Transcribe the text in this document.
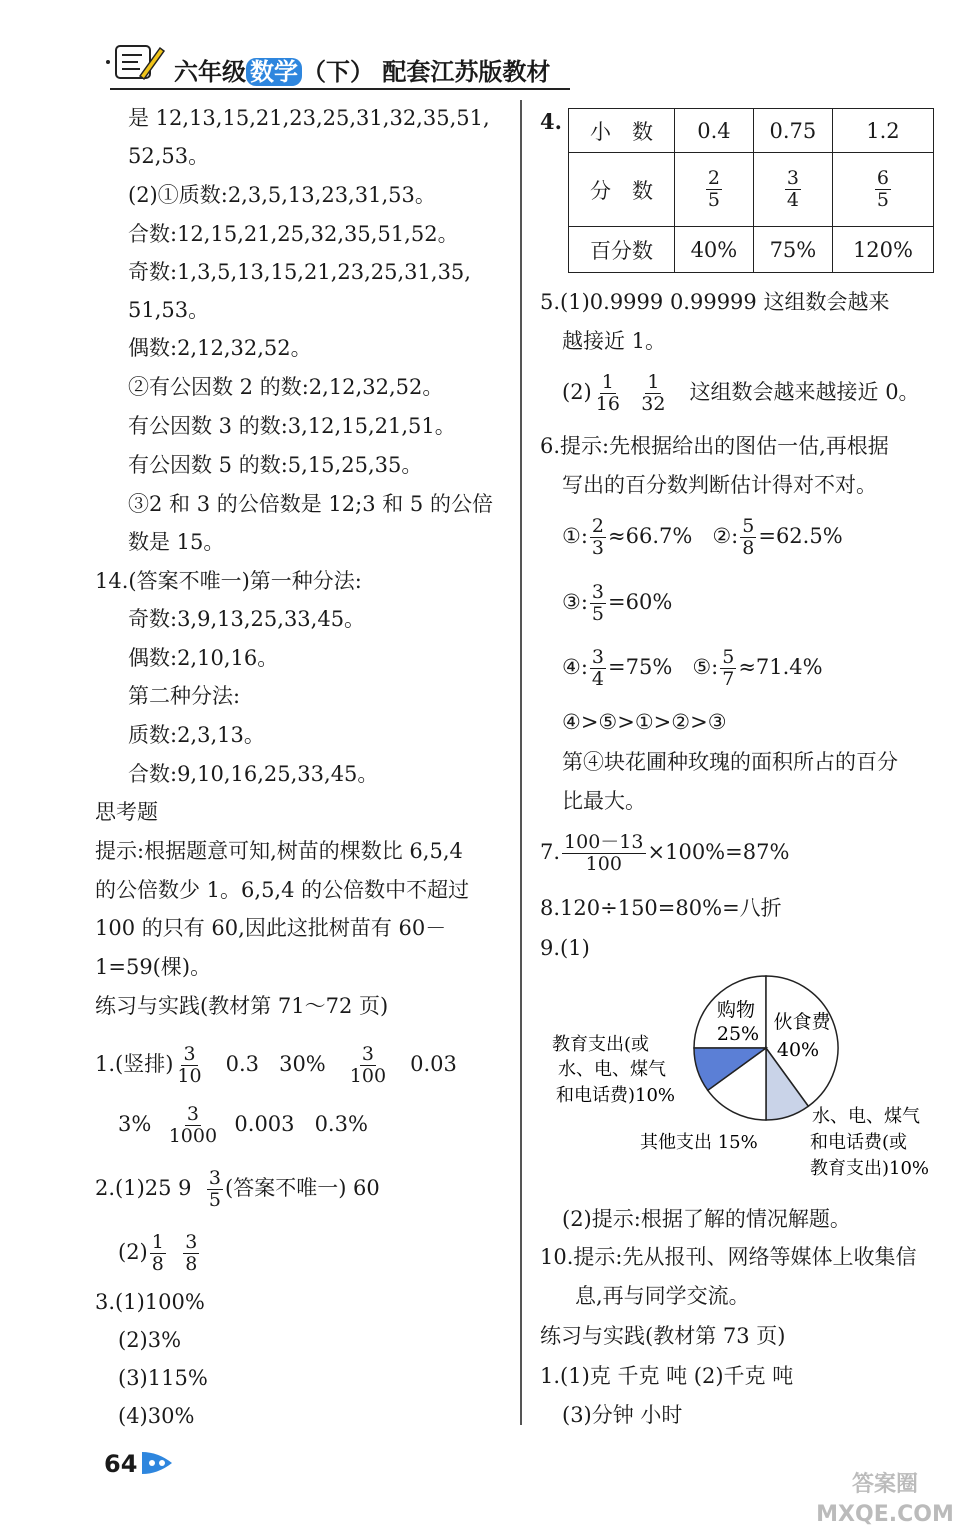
六年级 数学 （下） 配套江苏版教材
是 12,13,15,21,23,25,31,32,35,51,
52,53。
(2)①质数:2,3,5,13,23,31,53。
合数:12,15,21,25,32,35,51,52。
奇数:1,3,5,13,15,21,23,25,31,35,
51,53。
偶数:2,12,32,52。
②有公因数 2 的数:2,12,32,52。
有公因数 3 的数:3,12,15,21,51。
有公因数 5 的数:5,15,25,35。
③2 和 3 的公倍数是 12;3 和 5 的公倍
数是 15。
14.(答案不唯一)第一种分法:
奇数:3,9,13,25,33,45。
偶数:2,10,16。
第二种分法:
质数:2,3,13。
合数:9,10,16,25,33,45。
思考题
提示:根据题意可知,树苗的棵数比 6,5,4
的公倍数少 1。6,5,4 的公倍数中不超过
100 的只有 60,因此这批树苗有 60－
1=59(棵)。
练习与实践(教材第 71～72 页)
1.(竖排) $\frac{3}{10} 0.3$ $30\% \frac{3}{100} 0.03$
$3\% \frac{3}{1000} 0.003$ 0.3%
2.(1)25 $9 \frac{3}{5}$ (答案不唯一) 60
$(2) \frac{1}{8}$
$\frac{3}{8}$
3.(1)100%
(2)3%
(3)115%
(4)30%
4. 小　数	0.4	0.75	1.2
分　数	$\frac{2}{5}$	$\frac{3}{4}$	$\frac{6}{5}$

百分数	40%	75%	120%
5.(1)0.9999 0.99999 这组数会越来
越接近 1。
$(2) \frac{1}{16}$
$\frac{1}{32}$ 这组数会越来越接近 0。
6.提示:先根据给出的图估一估,再根据
写出的百分数判断估计得对不对。
①: $\frac{2}{3} \approx 66.7\%$ ②: $\frac{5}{8} =62.5\%$
③: $\frac{3}{5} =60\%$
④: $\frac{3}{4} =75\%$ ⑤: $\frac{5}{7} \approx 71.4\%$
④>⑤>①>②>③
第④块花圃种玫瑰的面积所占的百分
比最大。
7. $\frac{100-13}{100} \times 100\%=87\%$
8.120÷150=80%=八折
9.(1)
购物
25%
伙食费
40%
教育支出(或
水、电、煤气
和电话费)10%
其他支出 15%
水、电、煤气
和电话费(或
教育支出)10%
(2)提示:根据了解的情况解题。
10.提示:先从报刊、网络等媒体上收集信
息,再与同学交流。
练习与实践(教材第 73 页)
1.(1)克 千克 吨 (2)千克 吨
(3)分钟 小时
64
答案圈 MXQE.COM
